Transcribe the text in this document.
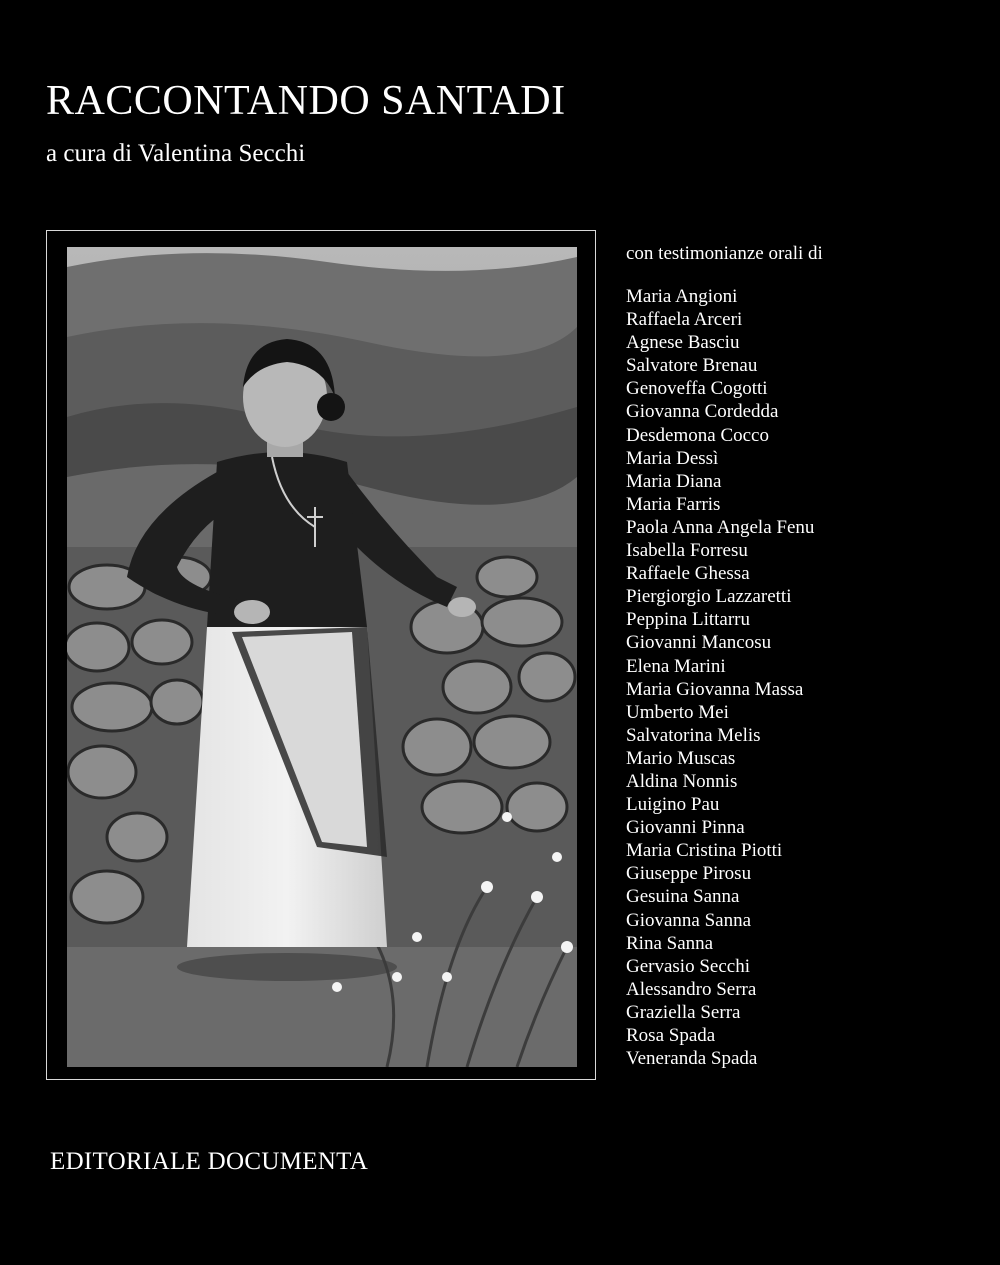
RACCONTANDO SANTADI
a cura di Valentina Secchi
con testimonianze orali di
Maria Angioni
Raffaela Arceri
Agnese Basciu
Salvatore Brenau
Genoveffa Cogotti
Giovanna Cordedda
Desdemona Cocco
Maria Dessì
Maria Diana
Maria Farris
Paola Anna Angela Fenu
Isabella Forresu
Raffaele Ghessa
Piergiorgio Lazzaretti
Peppina Littarru
Giovanni Mancosu
Elena Marini
Maria Giovanna Massa
Umberto Mei
Salvatorina Melis
Mario Muscas
Aldina Nonnis
Luigino Pau
Giovanni Pinna
Maria Cristina Piotti
Giuseppe Pirosu
Gesuina Sanna
Giovanna Sanna
Rina Sanna
Gervasio Secchi
Alessandro Serra
Graziella Serra
Rosa Spada
Veneranda Spada
EDITORIALE DOCUMENTA
